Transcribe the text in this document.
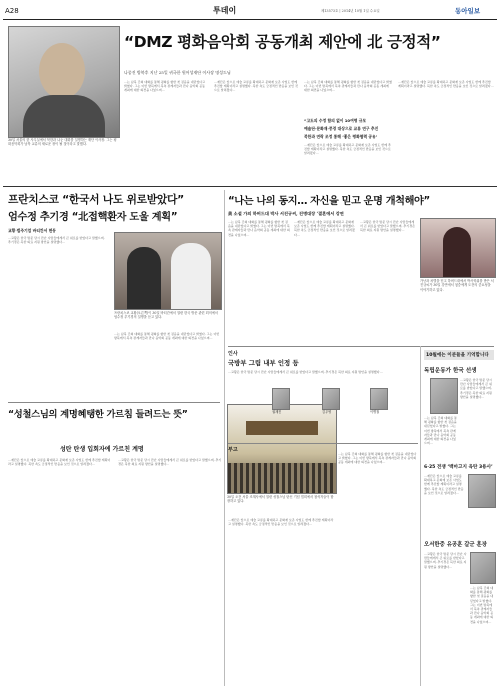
A28	투데이	제13573호 | 2014년 10월 1일 수요일	동아일보
30일 서울의 한 사무실에서 북한과 나눈 대화를 설명하는 재단 이사장. 그는 평화음악회가 남북 교류의 새로운 장이 될 것이라고 말했다.
“DMZ 평화음악회 공동개최 제안에 北 긍정적”
나종진 방북후 지난 25일 귀국한 원어성재단 이사장 명성드님
…는 남북 간의 대화를 통해 평화를 향한 첫 걸음을 내딛었다고 밝혔다. 그는 이번 방북에서 북측 관계자들과 만나 음악회 공동 개최에 대한 의견을 나눴으며…
…재단은 앞으로 예술 교류를 확대하고 문화재 보존 사업도 함께 추진할 계획이라고 설명했다. 북한 측도 긍정적인 반응을 보인 것으로 알려졌다…
…는 남북 간의 대화를 통해 평화를 향한 첫 걸음을 내딛었다고 밝혔다. 그는 이번 방북에서 북측 관계자들과 만나 음악회 공동 개최에 대한 의견을 나눴으며…
“고도의 수정 합의 없이 10여명 규모
예술단·문화재·풍경 대상으로 교류 연구 추진
북한과 연락 조정 통해 ‘좋은 평화협력 공유’
…재단은 앞으로 예술 교류를 확대하고 문화재 보존 사업도 함께 추진할 계획이라고 설명했다. 북한 측도 긍정적인 반응을 보인 것으로 알려졌다…
…재단은 앞으로 예술 교류를 확대하고 문화재 보존 사업도 함께 추진할 계획이라고 설명했다. 북한 측도 긍정적인 반응을 보인 것으로 알려졌다…
프란치스코 “한국서 나도 위로받았다”
엄수정 추기경 “北접핵환자 도울 계획”
교황·법주기엄 바티칸서 면동
…교황은 한국 방문 당시 만난 사람들에게서 큰 위로를 받았다고 말했으며, 추기경은 북한 의료 지원 방안을 설명했다…
프란치스코 교황(오른쪽)이 30일 바티칸에서 열린 한국 방문 관련 회의에서 엄수정 추기경의 설명을 듣고 있다.
…는 남북 간의 대화를 통해 평화를 향한 첫 걸음을 내딛었다고 밝혔다. 그는 이번 방북에서 북측 관계자들과 만나 음악회 공동 개최에 대한 의견을 나눴으며…
“성철스님의 계명혜탱한 가르침 들려드는 뜻”
성탄 탄생 입회자에 가르친 계명
…재단은 앞으로 예술 교류를 확대하고 문화재 보존 사업도 함께 추진할 계획이라고 설명했다. 북한 측도 긍정적인 반응을 보인 것으로 알려졌다…
…교황은 한국 방문 당시 만난 사람들에게서 큰 위로를 받았다고 말했으며, 추기경은 북한 의료 지원 방안을 설명했다…
30일 오전 서울 조계사에서 열린 성철스님 탄신 기념 법회에서 참석자들이 합장하고 있다.
“나는 나의 동지… 자신을 믿고 운명 개척해야”
美 소설 가의 하버드대 박사 서진규씨, 진병대장 ‘결혼에서 강연
…는 남북 간의 대화를 통해 평화를 향한 첫 걸음을 내딛었다고 밝혔다. 그는 이번 방북에서 북측 관계자들과 만나 음악회 공동 개최에 대한 의견을 나눴으며…
…재단은 앞으로 예술 교류를 확대하고 문화재 보존 사업도 함께 추진할 계획이라고 설명했다. 북한 측도 긍정적인 반응을 보인 것으로 알려졌다…
…교황은 한국 방문 당시 만난 사람들에게서 큰 위로를 받았다고 말했으며, 추기경은 북한 의료 지원 방안을 설명했다…
가난과 차별을 딛고 하버드대에서 박사학위를 받은 서진규씨가 30일 강연에서 청중에게 도전의 중요성을 이야기하고 있다.
인사
국방부 그림 내부 인정 등
…교황은 한국 방문 당시 만난 사람들에게서 큰 위로를 받았다고 말했으며, 추기경은 북한 의료 지원 방안을 설명했다…
권재진	김우영	이병철
부고
…는 남북 간의 대화를 통해 평화를 향한 첫 걸음을 내딛었다고 밝혔다. 그는 이번 방북에서 북측 관계자들과 만나 음악회 공동 개최에 대한 의견을 나눴으며…
…재단은 앞으로 예술 교류를 확대하고 문화재 보존 사업도 함께 추진할 계획이라고 설명했다. 북한 측도 긍정적인 반응을 보인 것으로 알려졌다…
10월에는 이분들을 기억합니다
독립운동가 한국 선생
…교황은 한국 방문 당시 만난 사람들에게서 큰 위로를 받았다고 말했으며, 추기경은 북한 의료 지원 방안을 설명했다…
…는 남북 간의 대화를 통해 평화를 향한 첫 걸음을 내딛었다고 밝혔다. 그는 이번 방북에서 북측 관계자들과 만나 음악회 공동 개최에 대한 의견을 나눴으며…
6·25 전쟁 ‘백마고지 육탄 3용사’
…재단은 앞으로 예술 교류를 확대하고 문화재 보존 사업도 함께 추진할 계획이라고 설명했다. 북한 측도 긍정적인 반응을 보인 것으로 알려졌다…
오서한중 유공훈 갈군 훈장
…교황은 한국 방문 당시 만난 사람들에게서 큰 위로를 받았다고 말했으며, 추기경은 북한 의료 지원 방안을 설명했다…
…는 남북 간의 대화를 통해 평화를 향한 첫 걸음을 내딛었다고 밝혔다. 그는 이번 방북에서 북측 관계자들과 만나 음악회 공동 개최에 대한 의견을 나눴으며…
